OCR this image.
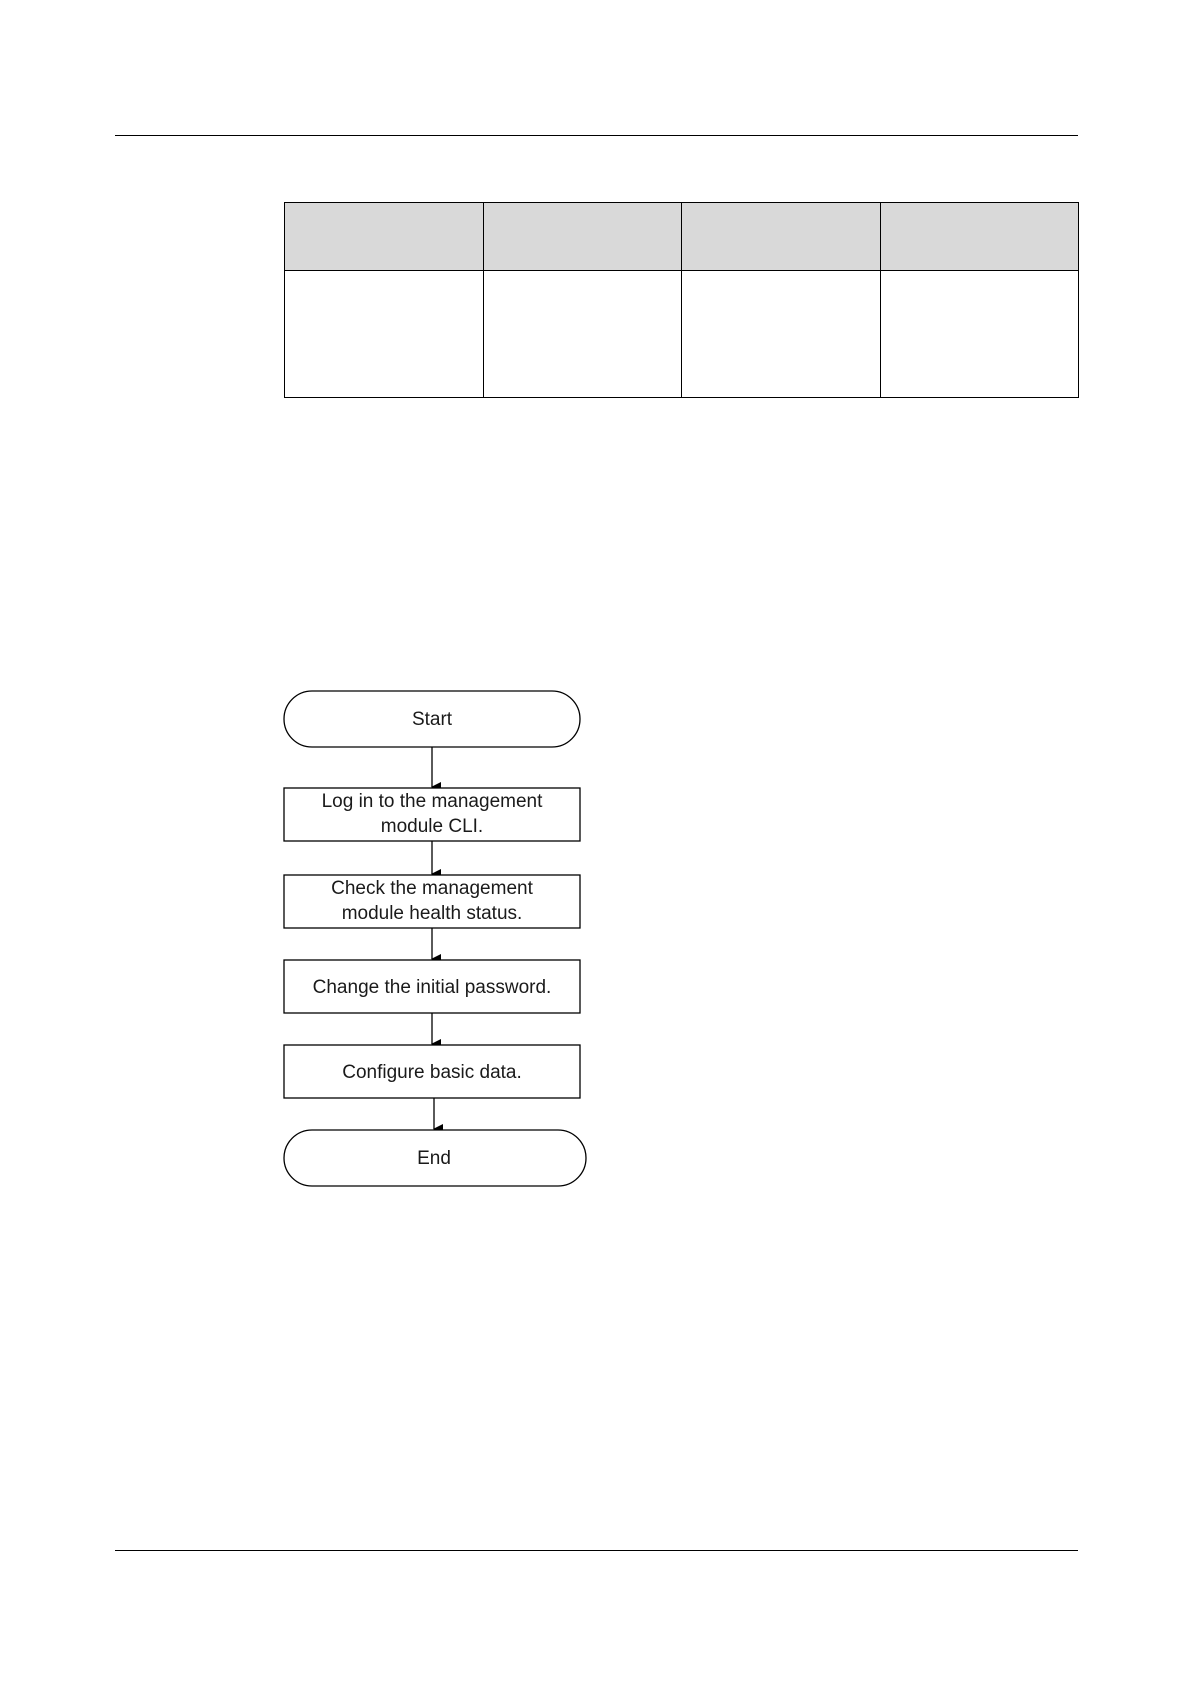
Start
Log in to the management
module CLI.
Check the management
module health status.
Change the initial password.
Configure basic data.
End
